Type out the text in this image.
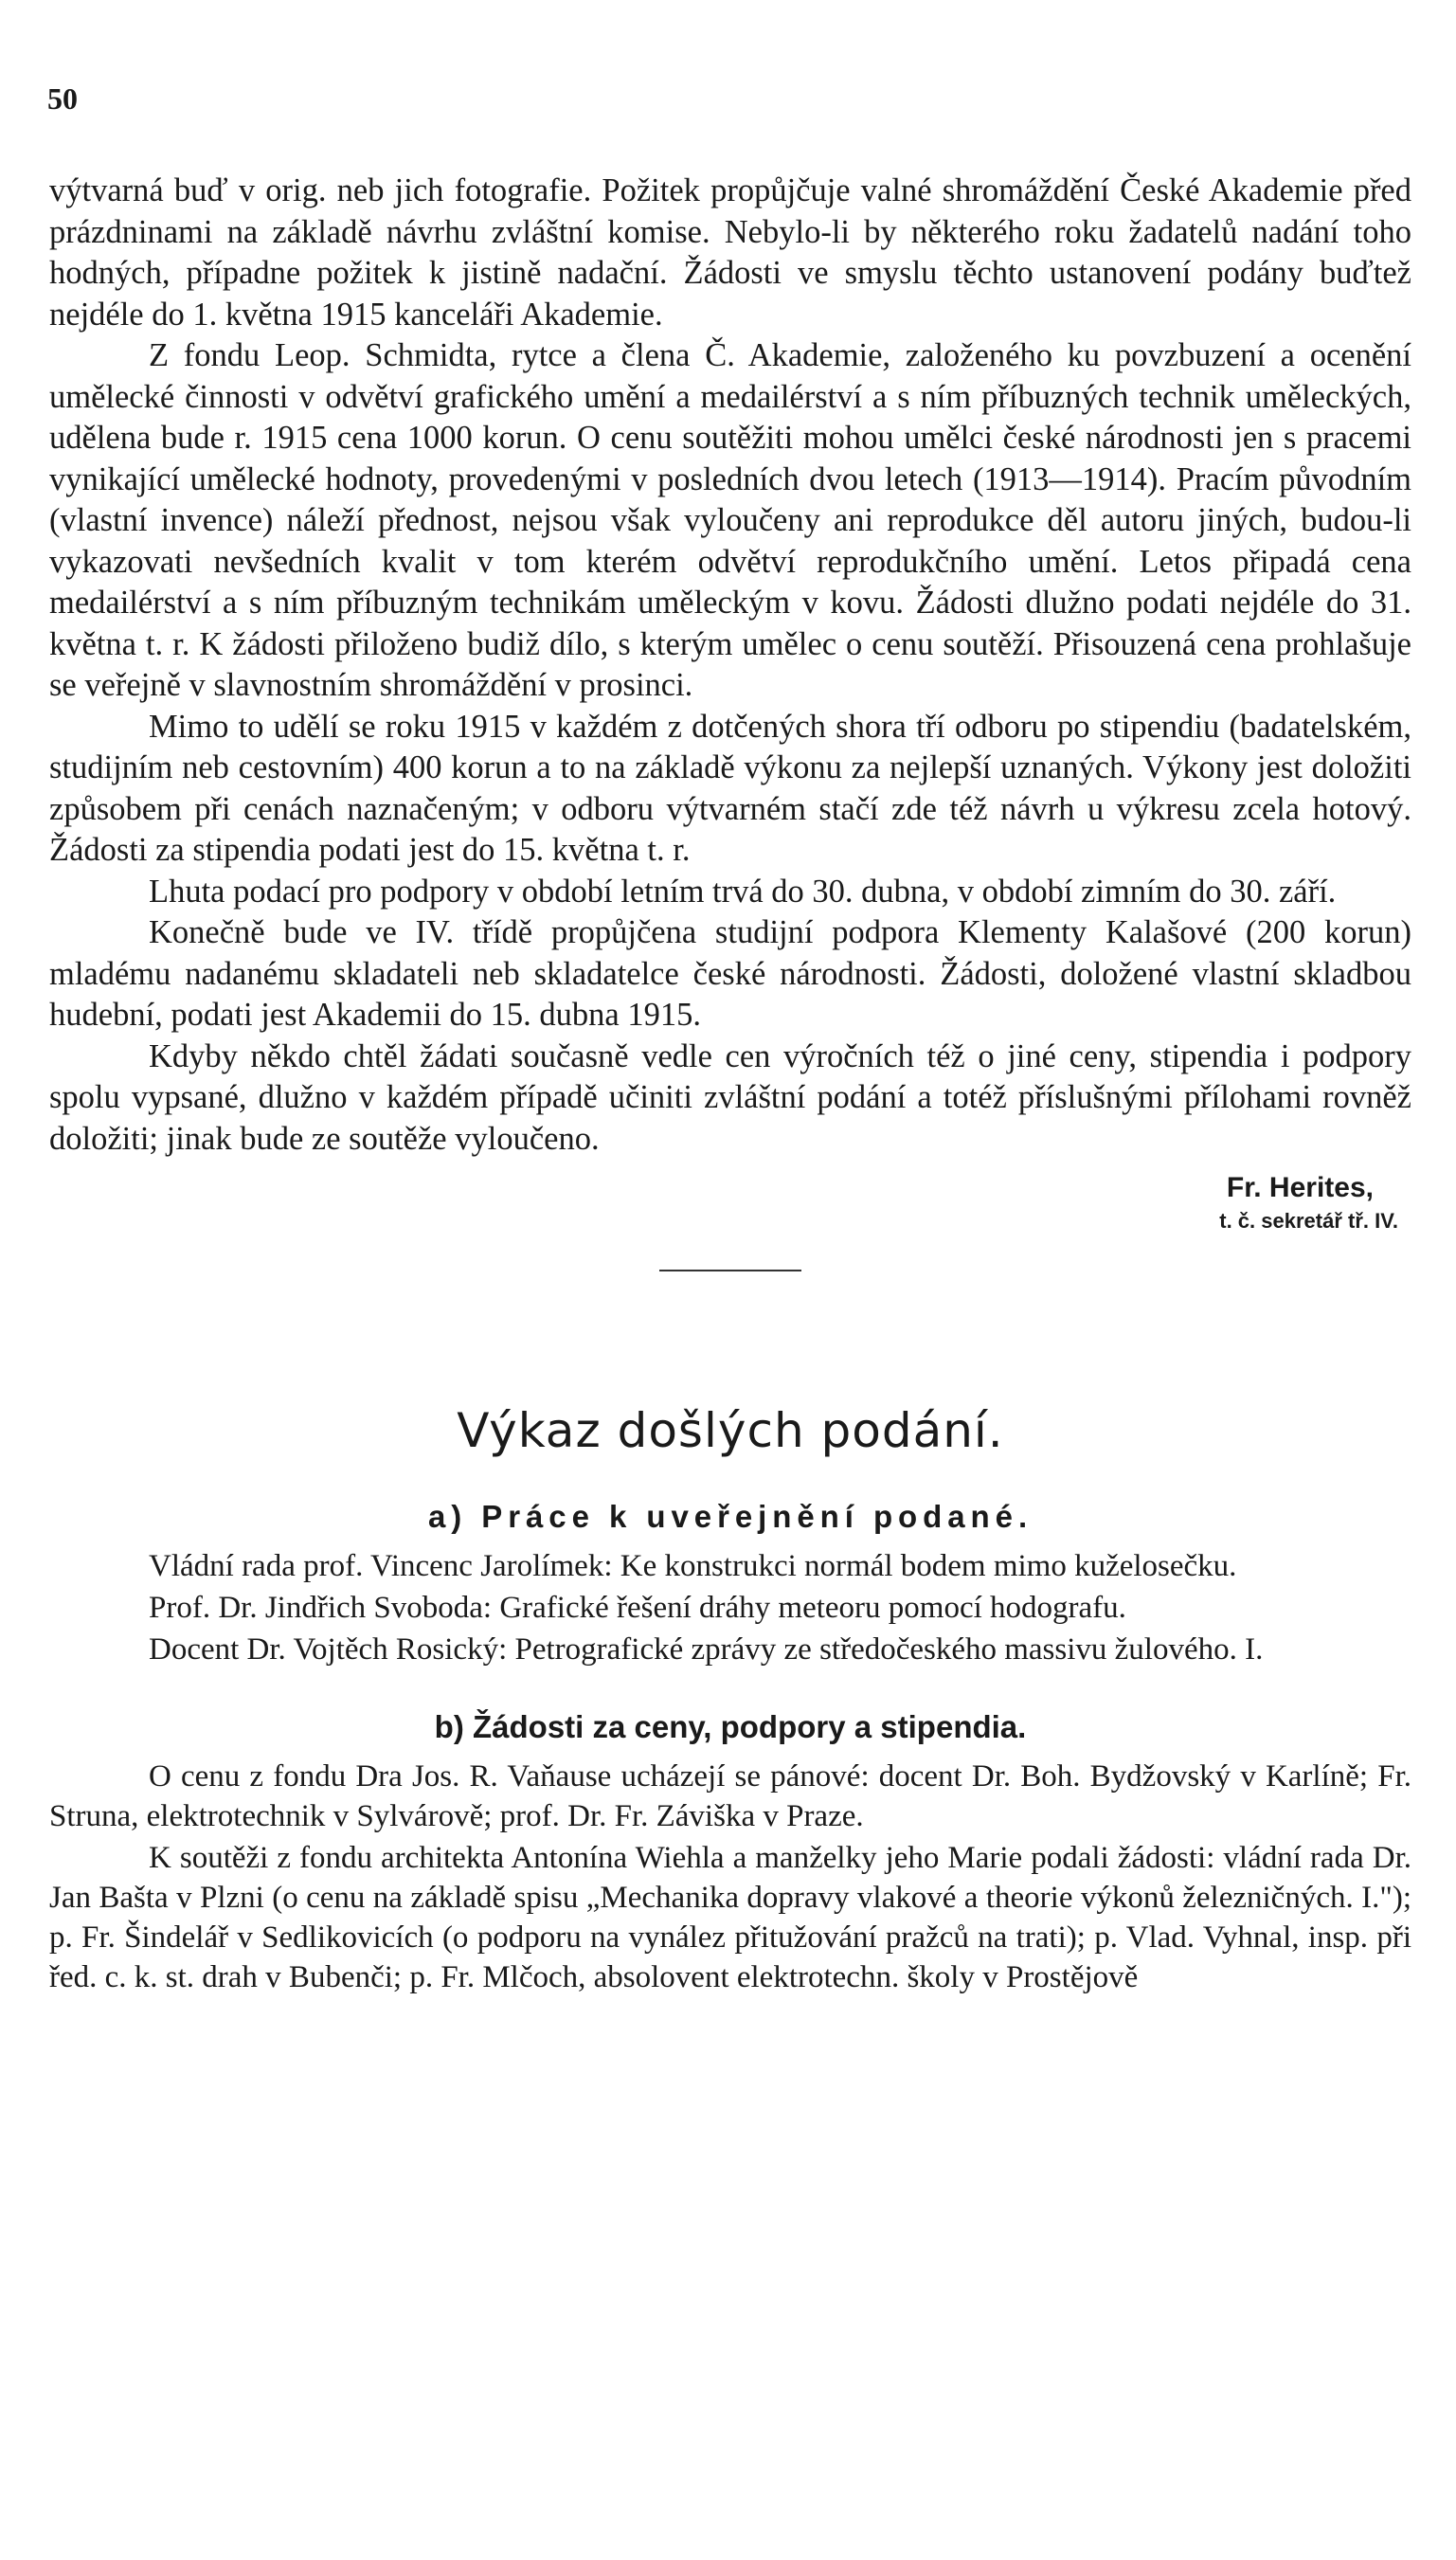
50

výtvarná buď v orig. neb jich fotografie. Požitek propůjčuje valné shromáždění České Akademie před prázdninami na základě návrhu zvláštní komise. Nebylo-li by některého roku žadatelů nadání toho hodných, případne požitek k jistině nadační. Žádosti ve smyslu těchto ustanovení podány buďtež nejdéle do 1. května 1915 kanceláři Akademie.

Z fondu Leop. Schmidta, rytce a člena Č. Akademie, založeného ku povzbuzení a ocenění umělecké činnosti v odvětví grafického umění a medailérství a s ním příbuzných technik uměleckých, udělena bude r. 1915 cena 1000 korun. O cenu soutěžiti mohou umělci české národnosti jen s pracemi vynikající umělecké hodnoty, provedenými v posledních dvou letech (1913—1914). Pracím původním (vlastní invence) náleží přednost, nejsou však vyloučeny ani reprodukce děl autoru jiných, budou-li vykazovati nevšedních kvalit v tom kterém odvětví reprodukčního umění. Letos připadá cena medailérství a s ním příbuzným technikám uměleckým v kovu. Žádosti dlužno podati nejdéle do 31. května t. r. K žádosti přiloženo budiž dílo, s kterým umělec o cenu soutěží. Přisouzená cena prohlašuje se veřejně v slavnostním shromáždění v prosinci.

Mimo to udělí se roku 1915 v každém z dotčených shora tří odboru po stipendiu (badatelském, studijním neb cestovním) 400 korun a to na základě výkonu za nejlepší uznaných. Výkony jest doložiti způsobem při cenách naznačeným; v odboru výtvarném stačí zde též návrh u výkresu zcela hotový. Žádosti za stipendia podati jest do 15. května t. r.

Lhuta podací pro podpory v období letním trvá do 30. dubna, v období zimním do 30. září.

Konečně bude ve IV. třídě propůjčena studijní podpora Klementy Kalašové (200 korun) mladému nadanému skladateli neb skladatelce české národnosti. Žádosti, doložené vlastní skladbou hudební, podati jest Akademii do 15. dubna 1915.

Kdyby někdo chtěl žádati současně vedle cen výročních též o jiné ceny, stipendia i podpory spolu vypsané, dlužno v každém případě učiniti zvláštní podání a totéž příslušnými přílohami rovněž doložiti; jinak bude ze soutěže vyloučeno.

Fr. Herites,
t. č. sekretář tř. IV.
Výkaz došlých podání.
a) Práce k uveřejnění podané.

Vládní rada prof. Vincenc Jarolímek: Ke konstrukci normál bodem mimo kuželosečku.

Prof. Dr. Jindřich Svoboda: Grafické řešení dráhy meteoru pomocí hodografu.

Docent Dr. Vojtěch Rosický: Petrografické zprávy ze středočeského massivu žulového. I.

b) Žádosti za ceny, podpory a stipendia.

O cenu z fondu Dra Jos. R. Vaňause ucházejí se pánové: docent Dr. Boh. Bydžovský v Karlíně; Fr. Struna, elektrotechnik v Sylvárově; prof. Dr. Fr. Záviška v Praze.

K soutěži z fondu architekta Antonína Wiehla a manželky jeho Marie podali žádosti: vládní rada Dr. Jan Bašta v Plzni (o cenu na základě spisu „Mechanika dopravy vlakové a theorie výkonů železničných. I."); p. Fr. Šindelář v Sedlikovicích (o podporu na vynález přitužování pražců na trati); p. Vlad. Vyhnal, insp. při řed. c. k. st. drah v Bubenči; p. Fr. Mlčoch, absolovent elektrotechn. školy v Prostějově
